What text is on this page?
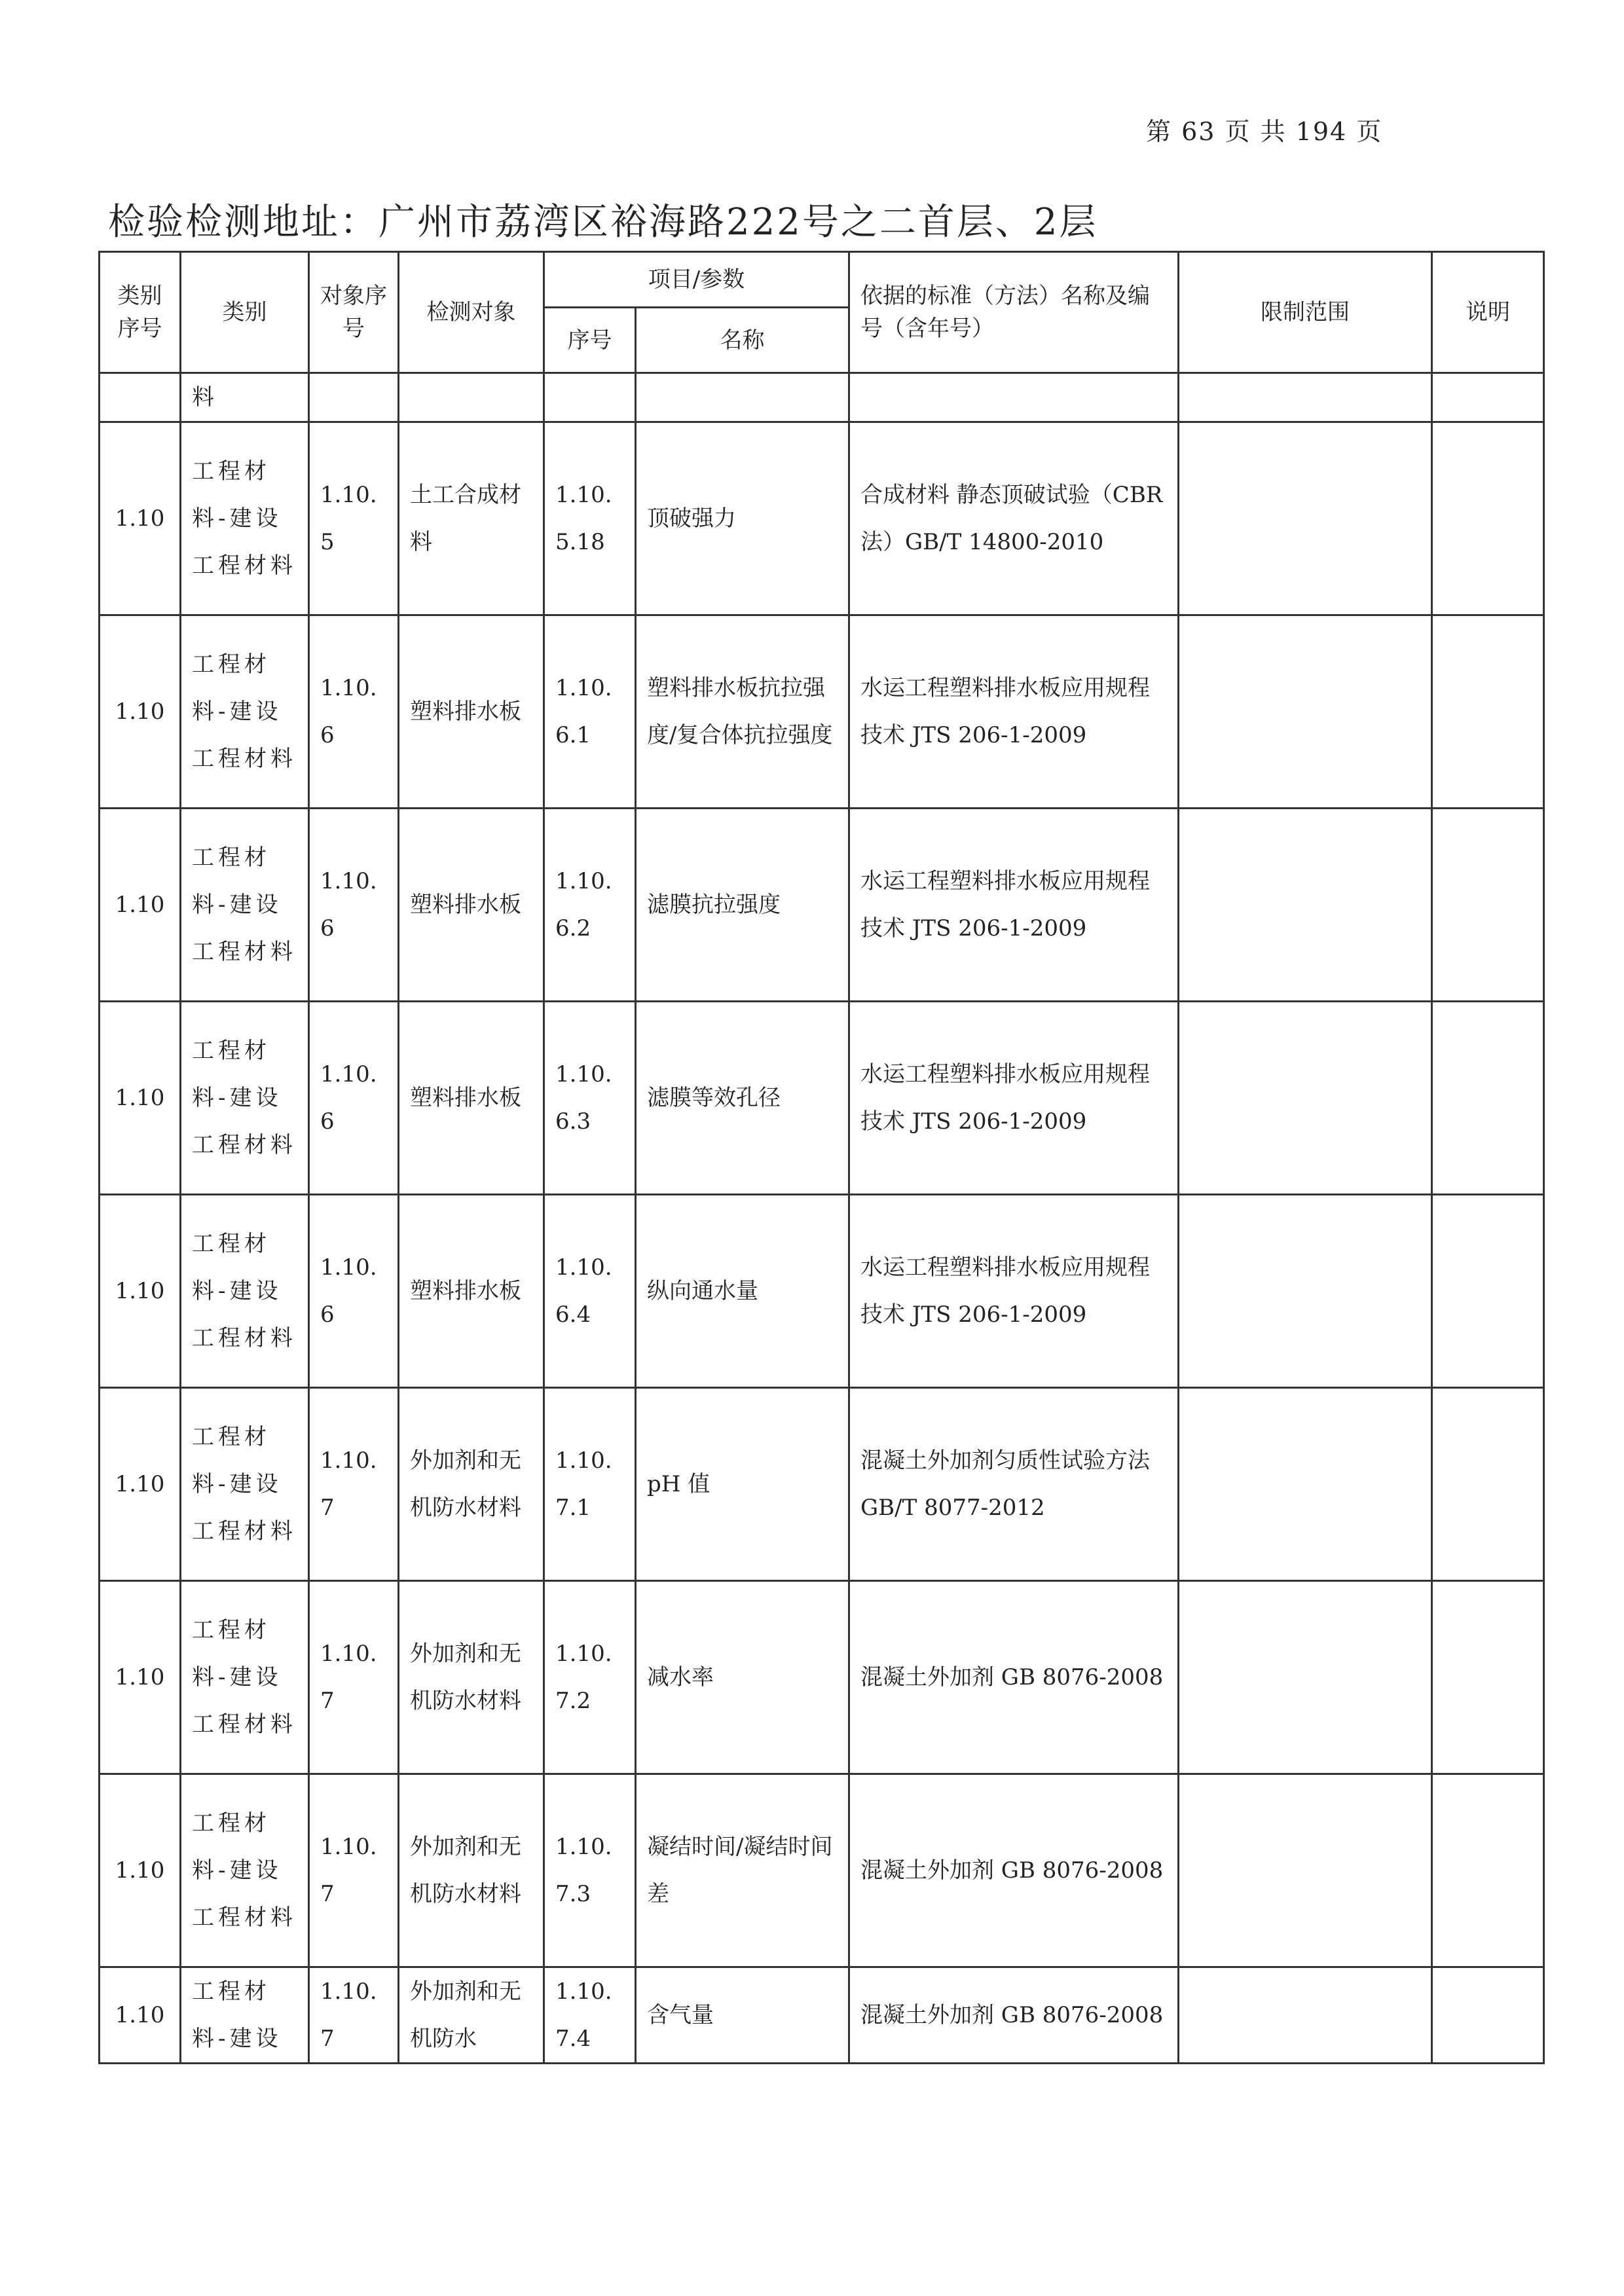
第 63 页 共 194 页
检验检测地址：广州市荔湾区裕海路222号之二首层、2层
类别序号	类别	对象序号	检测对象	项目/参数		依据的标准（方法）名称及编号（含年号）	限制范围	说明
				序号	名称			
	料							
1.10	工程材料-建设工程材料	1.10.5	土工合成材料	1.10.5.18	顶破强力	合成材料 静态顶破试验（CBR法）GB/T 14800-2010		
1.10	工程材料-建设工程材料	1.10.6	塑料排水板	1.10.6.1	塑料排水板抗拉强度/复合体抗拉强度	水运工程塑料排水板应用规程技术 JTS 206-1-2009		
1.10	工程材料-建设工程材料	1.10.6	塑料排水板	1.10.6.2	滤膜抗拉强度	水运工程塑料排水板应用规程技术 JTS 206-1-2009		
1.10	工程材料-建设工程材料	1.10.6	塑料排水板	1.10.6.3	滤膜等效孔径	水运工程塑料排水板应用规程技术 JTS 206-1-2009		
1.10	工程材料-建设工程材料	1.10.6	塑料排水板	1.10.6.4	纵向通水量	水运工程塑料排水板应用规程技术 JTS 206-1-2009		
1.10	工程材料-建设工程材料	1.10.7	外加剂和无机防水材料	1.10.7.1	pH 值	混凝土外加剂匀质性试验方法 GB/T 8077-2012		
1.10	工程材料-建设工程材料	1.10.7	外加剂和无机防水材料	1.10.7.2	减水率	混凝土外加剂 GB 8076-2008		
1.10	工程材料-建设工程材料	1.10.7	外加剂和无机防水材料	1.10.7.3	凝结时间/凝结时间差	混凝土外加剂 GB 8076-2008		
1.10	工程材料-建设	1.10.7	外加剂和无机防水	1.10.7.4	含气量	混凝土外加剂 GB 8076-2008		
